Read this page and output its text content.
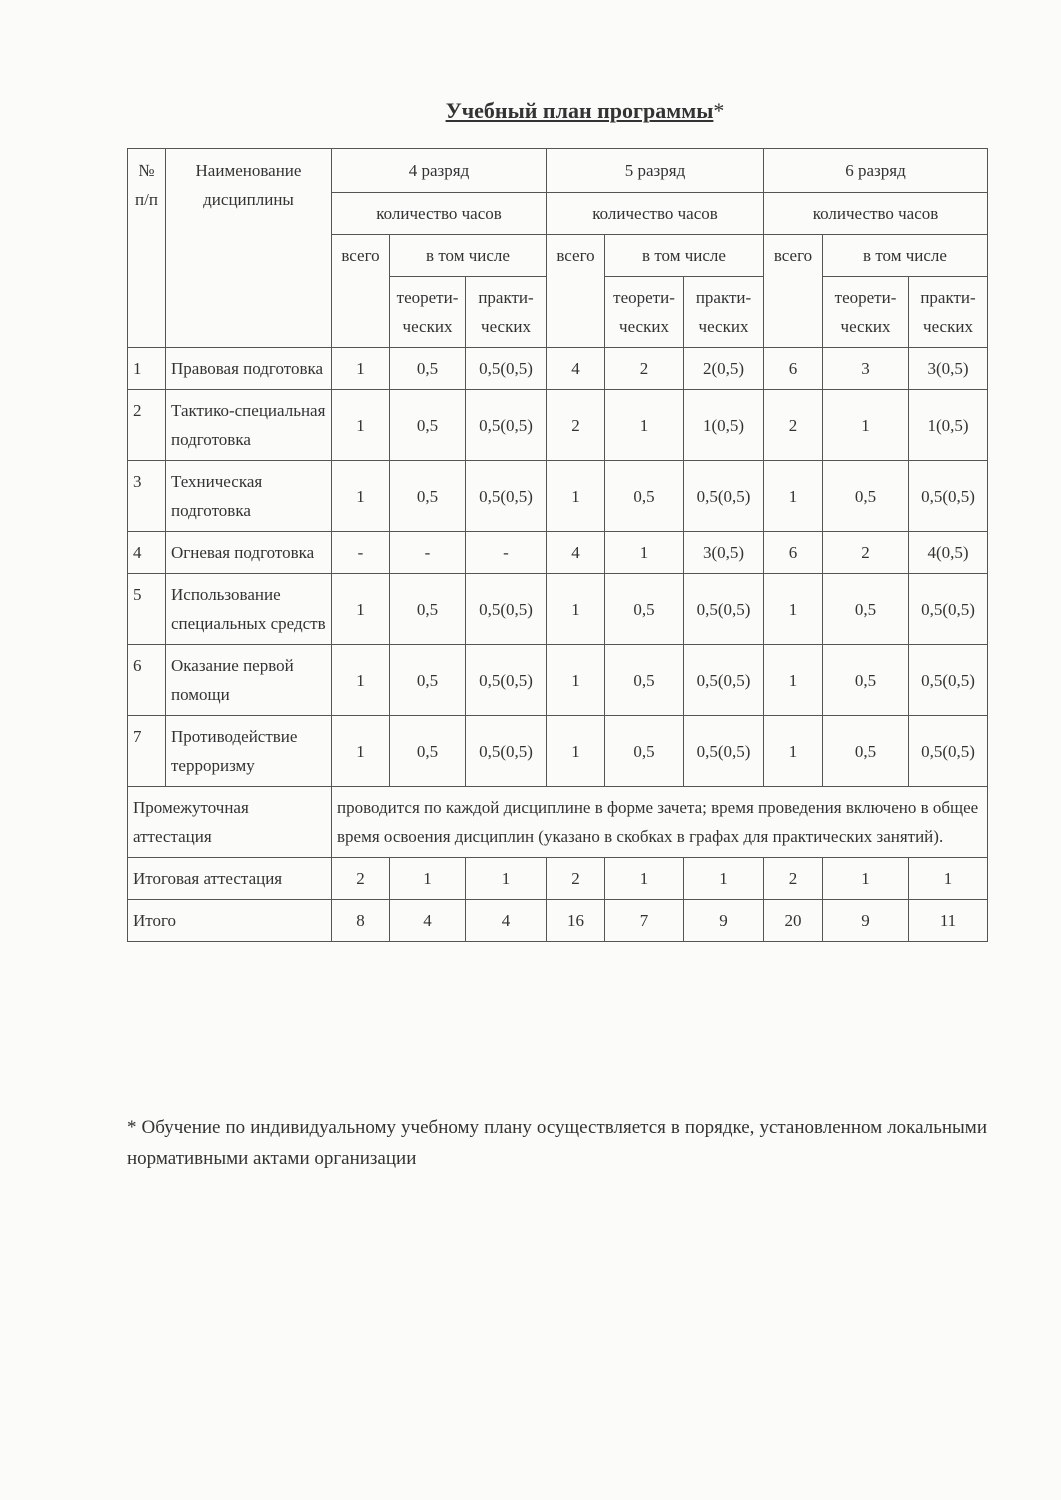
Учебный план программы*
№ п/п	Наименование дисциплины	4 разряд			5 разряд			6 разряд		
		количество часов			количество часов			количество часов		
		всего	в том числе		всего	в том числе		всего	в том числе	
			теорети-ческих	практи-ческих		теорети-ческих	практи-ческих		теорети-ческих	практи-ческих
1	Правовая подготовка	1	0,5	0,5(0,5)	4	2	2(0,5)	6	3	3(0,5)
2	Тактико-специальная подготовка	1	0,5	0,5(0,5)	2	1	1(0,5)	2	1	1(0,5)
3	Техническая подготовка	1	0,5	0,5(0,5)	1	0,5	0,5(0,5)	1	0,5	0,5(0,5)
4	Огневая подготовка	-	-	-	4	1	3(0,5)	6	2	4(0,5)
5	Использование специальных средств	1	0,5	0,5(0,5)	1	0,5	0,5(0,5)	1	0,5	0,5(0,5)
6	Оказание первой помощи	1	0,5	0,5(0,5)	1	0,5	0,5(0,5)	1	0,5	0,5(0,5)
7	Противодействие терроризму	1	0,5	0,5(0,5)	1	0,5	0,5(0,5)	1	0,5	0,5(0,5)
Промежуточная аттестация		проводится по каждой дисциплине в форме зачета; время проведения включено в общее время освоения дисциплин (указано в скобках в графах для практических занятий).								
Итоговая аттестация		2	1	1	2	1	1	2	1	1
Итого		8	4	4	16	7	9	20	9	11
* Обучение по индивидуальному учебному плану осуществляется в порядке, установленном локальными нормативными актами организации
